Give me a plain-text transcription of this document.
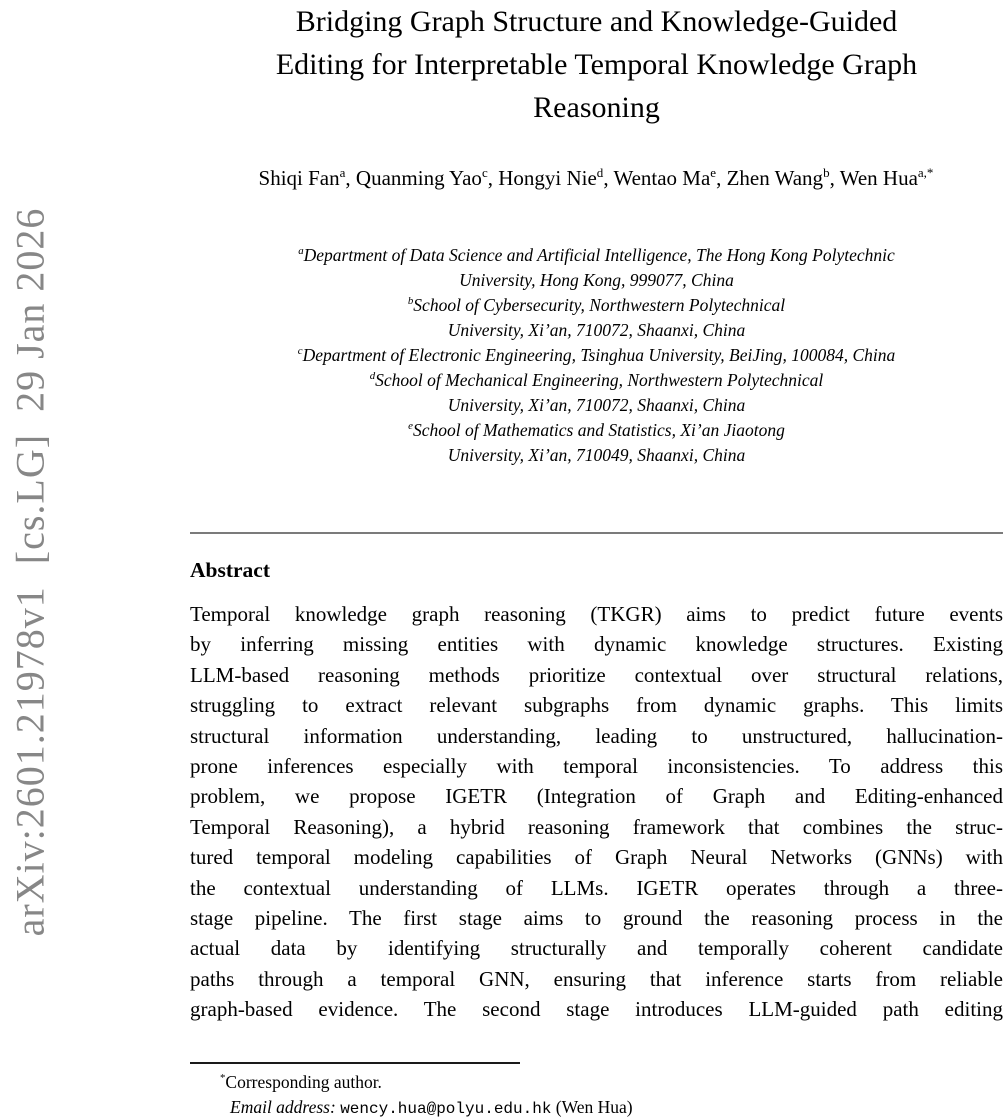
arXiv:2601.21978v1  [cs.LG]  29 Jan 2026
Bridging Graph Structure and Knowledge-Guided
Editing for Interpretable Temporal Knowledge Graph
Reasoning
Shiqi Fan$^a$, Quanming Yao$^c$, Hongyi Nie$^d$, Wentao Ma$^e$, Zhen Wang$^b$, Wen Hua$^{a,*}$
$^a$Department of Data Science and Artificial Intelligence, The Hong Kong Polytechnic
University, Hong Kong, 999077, China
$^b$School of Cybersecurity, Northwestern Polytechnical
University, Xi’an, 710072, Shaanxi, China
$^c$Department of Electronic Engineering, Tsinghua University, BeiJing, 100084, China
$^d$School of Mechanical Engineering, Northwestern Polytechnical
University, Xi’an, 710072, Shaanxi, China
$^e$School of Mathematics and Statistics, Xi’an Jiaotong
University, Xi’an, 710049, Shaanxi, China
Abstract
Temporal knowledge graph reasoning (TKGR) aims to predict future events
by inferring missing entities with dynamic knowledge structures. Existing
LLM-based reasoning methods prioritize contextual over structural relations,
struggling to extract relevant subgraphs from dynamic graphs. This limits
structural information understanding, leading to unstructured, hallucination-
prone inferences especially with temporal inconsistencies. To address this
problem, we propose IGETR (Integration of Graph and Editing-enhanced
Temporal Reasoning), a hybrid reasoning framework that combines the struc-
tured temporal modeling capabilities of Graph Neural Networks (GNNs) with
the contextual understanding of LLMs. IGETR operates through a three-
stage pipeline. The first stage aims to ground the reasoning process in the
actual data by identifying structurally and temporally coherent candidate
paths through a temporal GNN, ensuring that inference starts from reliable
graph-based evidence. The second stage introduces LLM-guided path editing
*Corresponding author.
Email address: wency.hua@polyu.edu.hk (Wen Hua)
